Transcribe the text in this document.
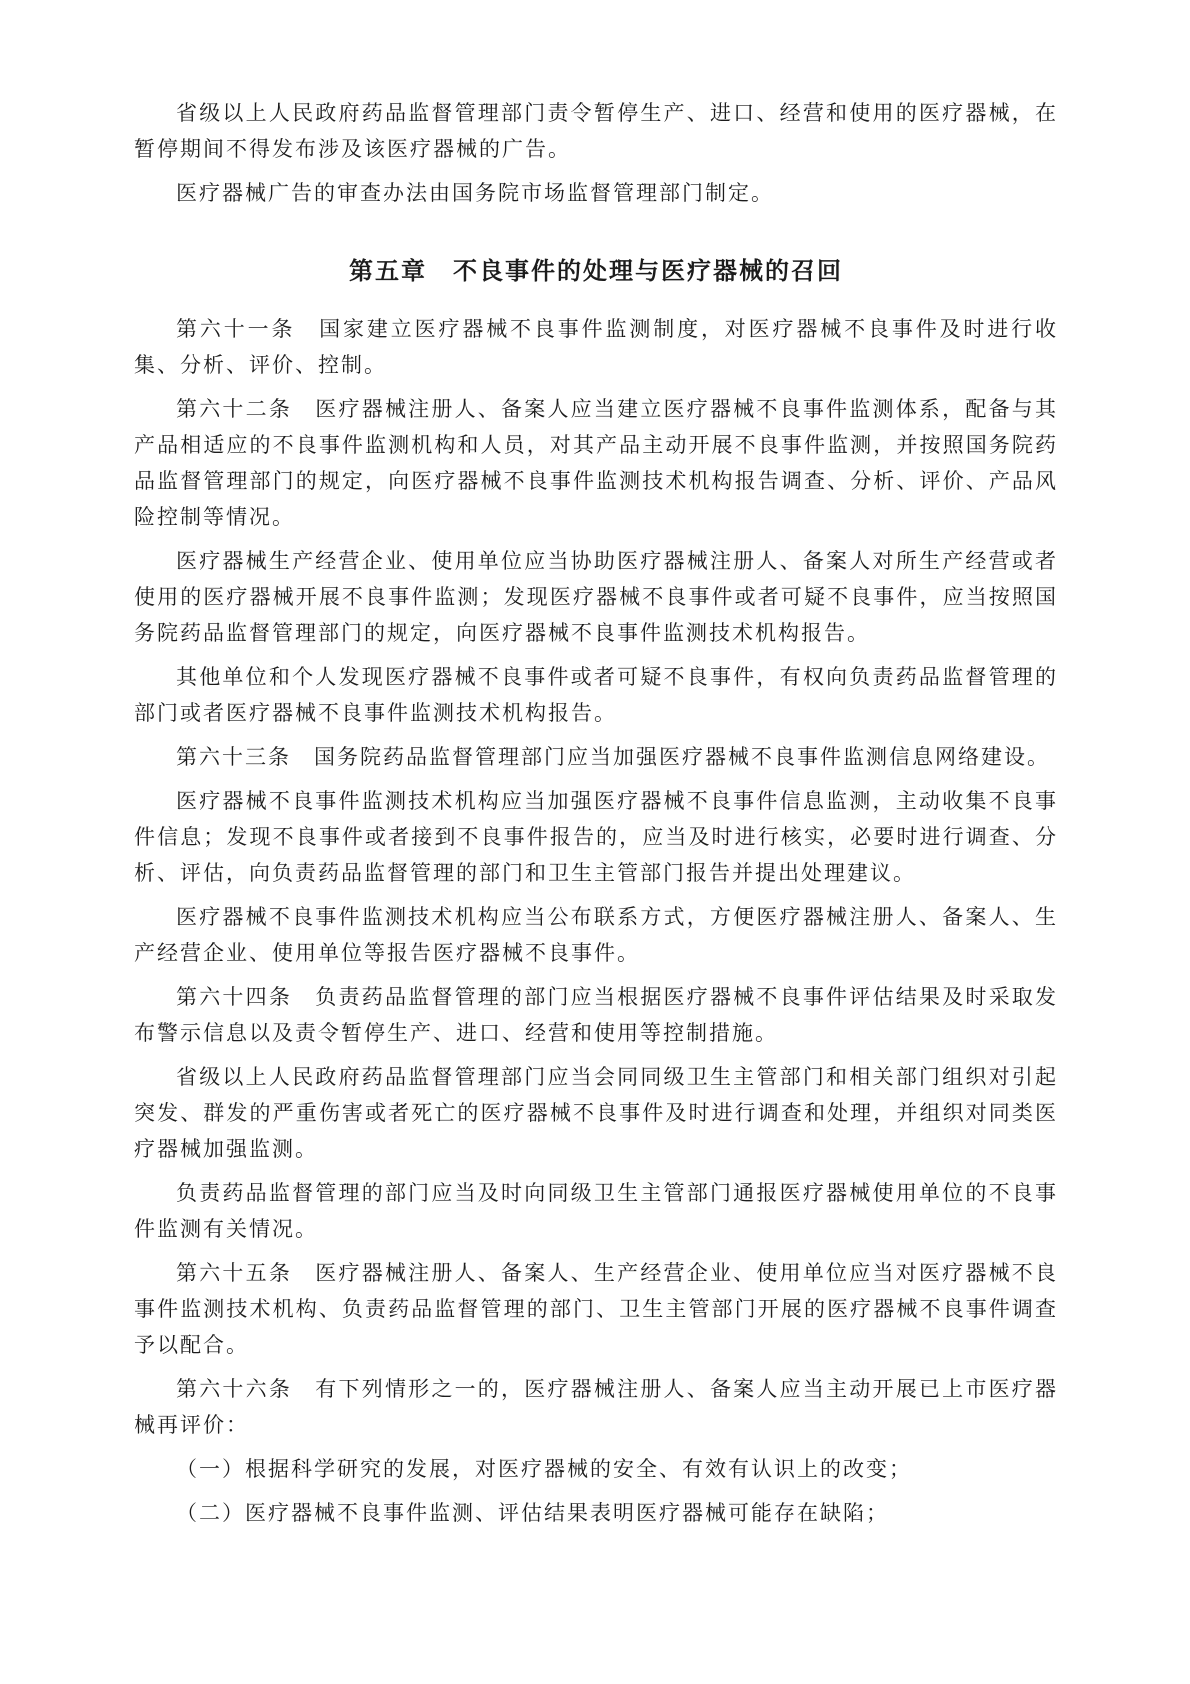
省级以上人民政府药品监督管理部门责令暂停生产、进口、经营和使用的医疗器械，在暂停期间不得发布涉及该医疗器械的广告。

医疗器械广告的审查办法由国务院市场监督管理部门制定。

第五章　不良事件的处理与医疗器械的召回

第六十一条　国家建立医疗器械不良事件监测制度，对医疗器械不良事件及时进行收集、分析、评价、控制。

第六十二条　医疗器械注册人、备案人应当建立医疗器械不良事件监测体系，配备与其产品相适应的不良事件监测机构和人员，对其产品主动开展不良事件监测，并按照国务院药品监督管理部门的规定，向医疗器械不良事件监测技术机构报告调查、分析、评价、产品风险控制等情况。

医疗器械生产经营企业、使用单位应当协助医疗器械注册人、备案人对所生产经营或者使用的医疗器械开展不良事件监测；发现医疗器械不良事件或者可疑不良事件，应当按照国务院药品监督管理部门的规定，向医疗器械不良事件监测技术机构报告。

其他单位和个人发现医疗器械不良事件或者可疑不良事件，有权向负责药品监督管理的部门或者医疗器械不良事件监测技术机构报告。

第六十三条　国务院药品监督管理部门应当加强医疗器械不良事件监测信息网络建设。

医疗器械不良事件监测技术机构应当加强医疗器械不良事件信息监测，主动收集不良事件信息；发现不良事件或者接到不良事件报告的，应当及时进行核实，必要时进行调查、分析、评估，向负责药品监督管理的部门和卫生主管部门报告并提出处理建议。

医疗器械不良事件监测技术机构应当公布联系方式，方便医疗器械注册人、备案人、生产经营企业、使用单位等报告医疗器械不良事件。

第六十四条　负责药品监督管理的部门应当根据医疗器械不良事件评估结果及时采取发布警示信息以及责令暂停生产、进口、经营和使用等控制措施。

省级以上人民政府药品监督管理部门应当会同同级卫生主管部门和相关部门组织对引起突发、群发的严重伤害或者死亡的医疗器械不良事件及时进行调查和处理，并组织对同类医疗器械加强监测。

负责药品监督管理的部门应当及时向同级卫生主管部门通报医疗器械使用单位的不良事件监测有关情况。

第六十五条　医疗器械注册人、备案人、生产经营企业、使用单位应当对医疗器械不良事件监测技术机构、负责药品监督管理的部门、卫生主管部门开展的医疗器械不良事件调查予以配合。

第六十六条　有下列情形之一的，医疗器械注册人、备案人应当主动开展已上市医疗器械再评价：

（一）根据科学研究的发展，对医疗器械的安全、有效有认识上的改变；

（二）医疗器械不良事件监测、评估结果表明医疗器械可能存在缺陷；
